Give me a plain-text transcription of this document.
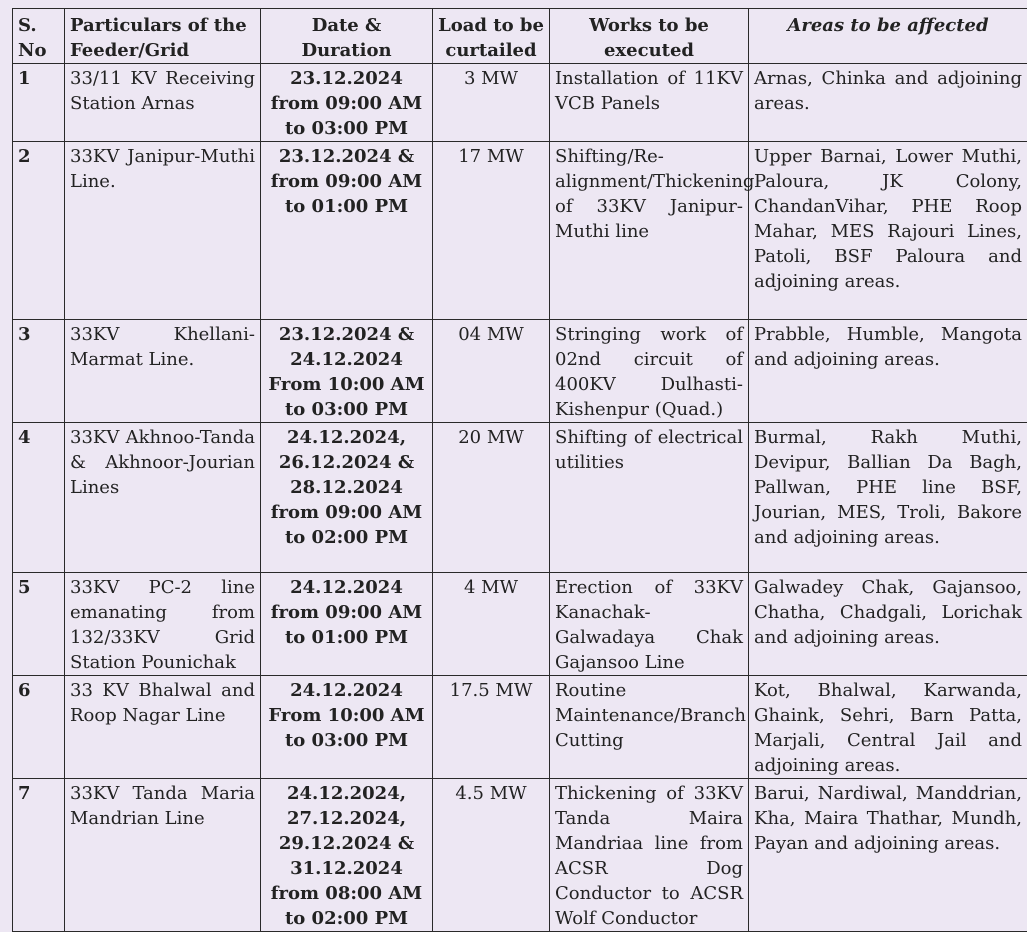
S. No	Particulars of the Feeder/Grid	Date & Duration	Load to be curtailed	Works to be executed	Areas to be affected
1	33/11 KV Receiving Station Arnas	23.12.2024 from 09:00 AM to 03:00 PM	3 MW	Installation of 11KV VCB Panels	Arnas, Chinka and adjoining areas.
2	33KV Janipur-Muthi Line.	23.12.2024 & from 09:00 AM to 01:00 PM	17 MW	Shifting/Re-alignment/Thickening of 33KV Janipur-Muthi line	Upper Barnai, Lower Muthi, Paloura, JK Colony, ChandanVihar, PHE Roop Mahar, MES Rajouri Lines, Patoli, BSF Paloura and adjoining areas.
3	33KV Khellani-Marmat Line.	23.12.2024 & 24.12.2024 From 10:00 AM to 03:00 PM	04 MW	Stringing work of 02nd circuit of 400KV Dulhasti-Kishenpur (Quad.)	Prabble, Humble, Mangota and adjoining areas.
4	33KV Akhnoo-Tanda & Akhnoor-Jourian Lines	24.12.2024, 26.12.2024 & 28.12.2024 from 09:00 AM to 02:00 PM	20 MW	Shifting of electrical utilities	Burmal, Rakh Muthi, Devipur, Ballian Da Bagh, Pallwan, PHE line BSF, Jourian, MES, Troli, Bakore and adjoining areas.
5	33KV PC-2 line emanating from 132/33KV Grid Station Pounichak	24.12.2024 from 09:00 AM to 01:00 PM	4 MW	Erection of 33KV Kanachak-Galwadaya Chak Gajansoo Line	Galwadey Chak, Gajansoo, Chatha, Chadgali, Lorichak and adjoining areas.
6	33 KV Bhalwal and Roop Nagar Line	24.12.2024 From 10:00 AM to 03:00 PM	17.5 MW	Routine Maintenance/Branch Cutting	Kot, Bhalwal, Karwanda, Ghaink, Sehri, Barn Patta, Marjali, Central Jail and adjoining areas.
7	33KV Tanda Maria Mandrian Line	24.12.2024, 27.12.2024, 29.12.2024 & 31.12.2024 from 08:00 AM to 02:00 PM	4.5 MW	Thickening of 33KV Tanda Maira Mandriaa line from ACSR Dog Conductor to ACSR Wolf Conductor	Barui, Nardiwal, Manddrian, Kha, Maira Thathar, Mundh, Payan and adjoining areas.
